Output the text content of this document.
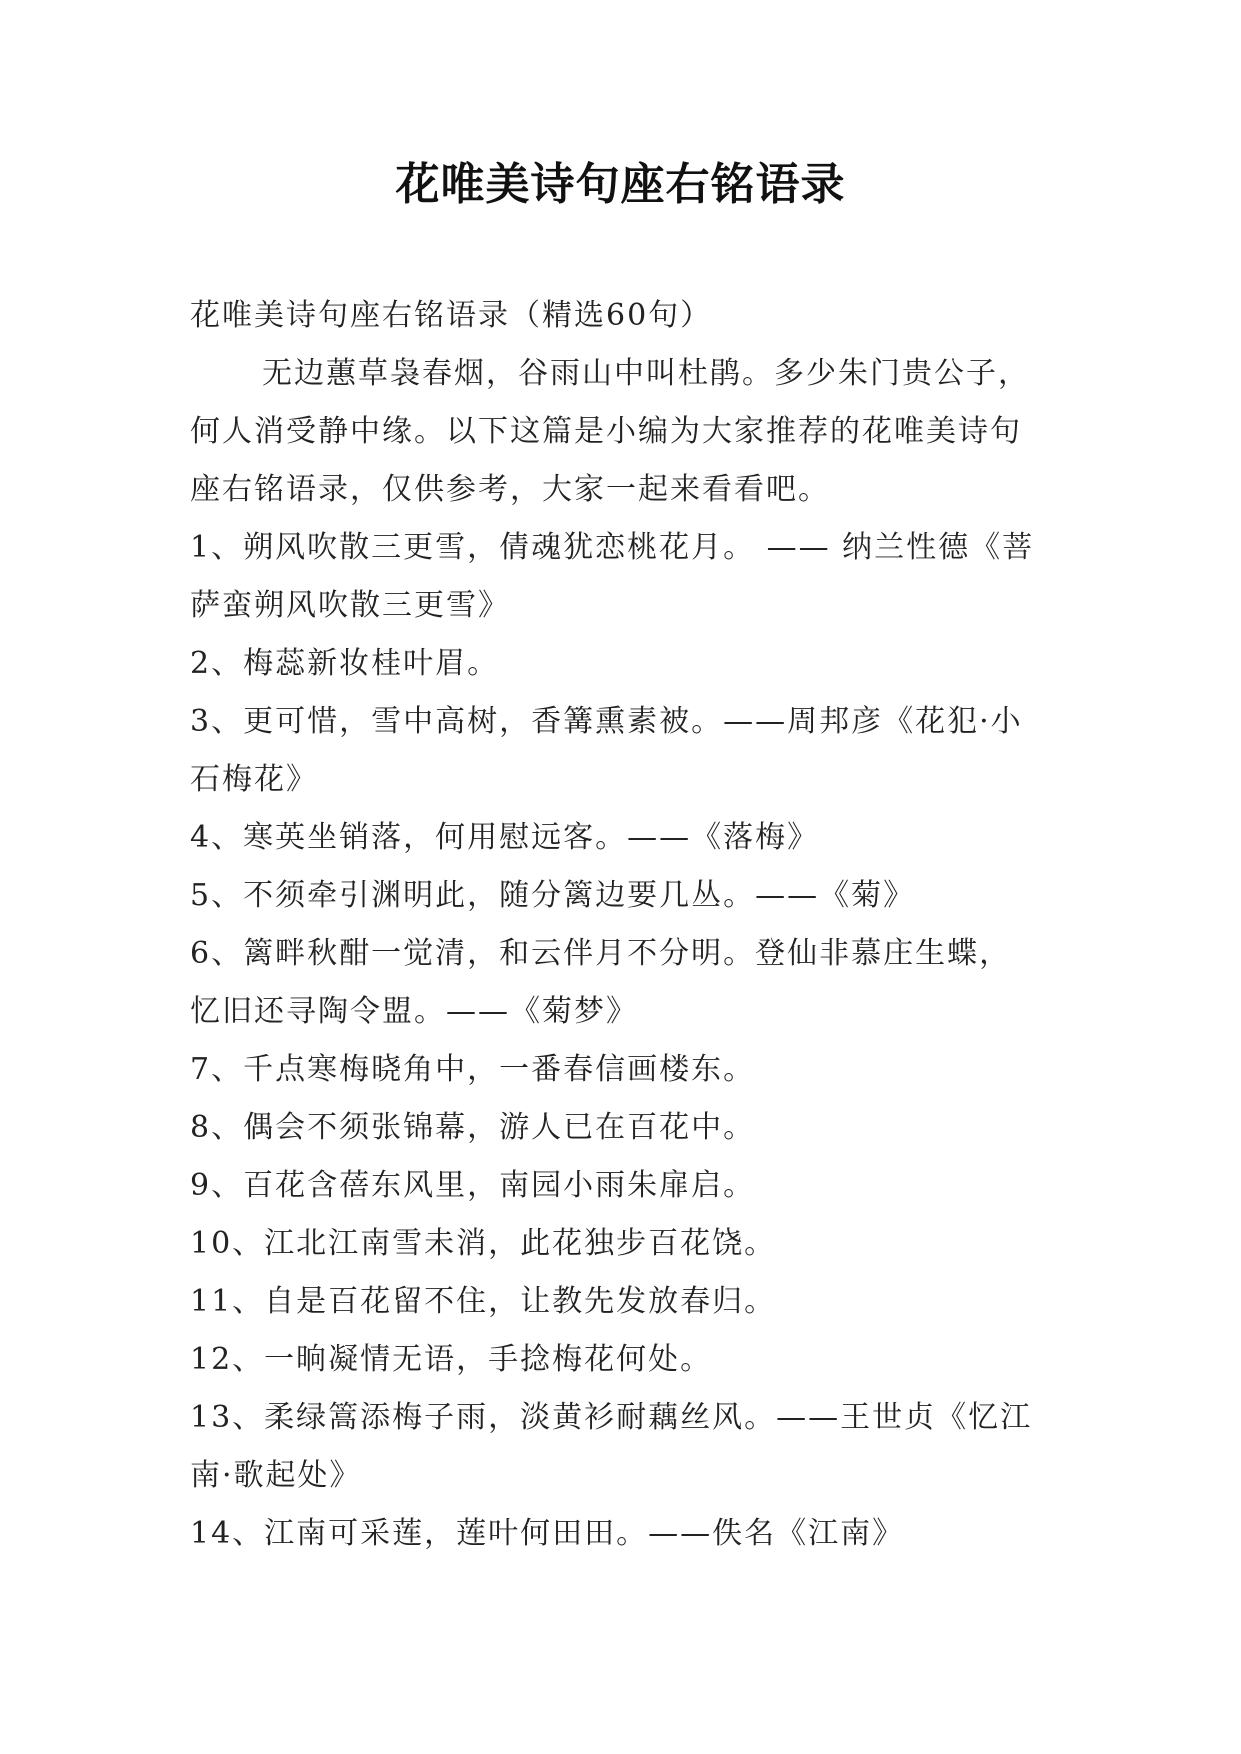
花唯美诗句座右铭语录
花唯美诗句座右铭语录（精选60句）
无边蕙草袅春烟，谷雨山中叫杜鹃。多少朱门贵公子，
何人消受静中缘。以下这篇是小编为大家推荐的花唯美诗句
座右铭语录，仅供参考，大家一起来看看吧。
1、朔风吹散三更雪，倩魂犹恋桃花月。 —— 纳兰性德《菩
萨蛮朔风吹散三更雪》
2、梅蕊新妆桂叶眉。
3、更可惜，雪中高树，香篝熏素被。——周邦彦《花犯·小
石梅花》
4、寒英坐销落，何用慰远客。——《落梅》
5、不须牵引渊明此，随分篱边要几丛。——《菊》
6、篱畔秋酣一觉清，和云伴月不分明。登仙非慕庄生蝶，
忆旧还寻陶令盟。——《菊梦》
7、千点寒梅晓角中，一番春信画楼东。
8、偶会不须张锦幕，游人已在百花中。
9、百花含蓓东风里，南园小雨朱扉启。
10、江北江南雪未消，此花独步百花饶。
11、自是百花留不住，让教先发放春归。
12、一晌凝情无语，手捻梅花何处。
13、柔绿篙添梅子雨，淡黄衫耐藕丝风。——王世贞《忆江
南·歌起处》
14、江南可采莲，莲叶何田田。——佚名《江南》
